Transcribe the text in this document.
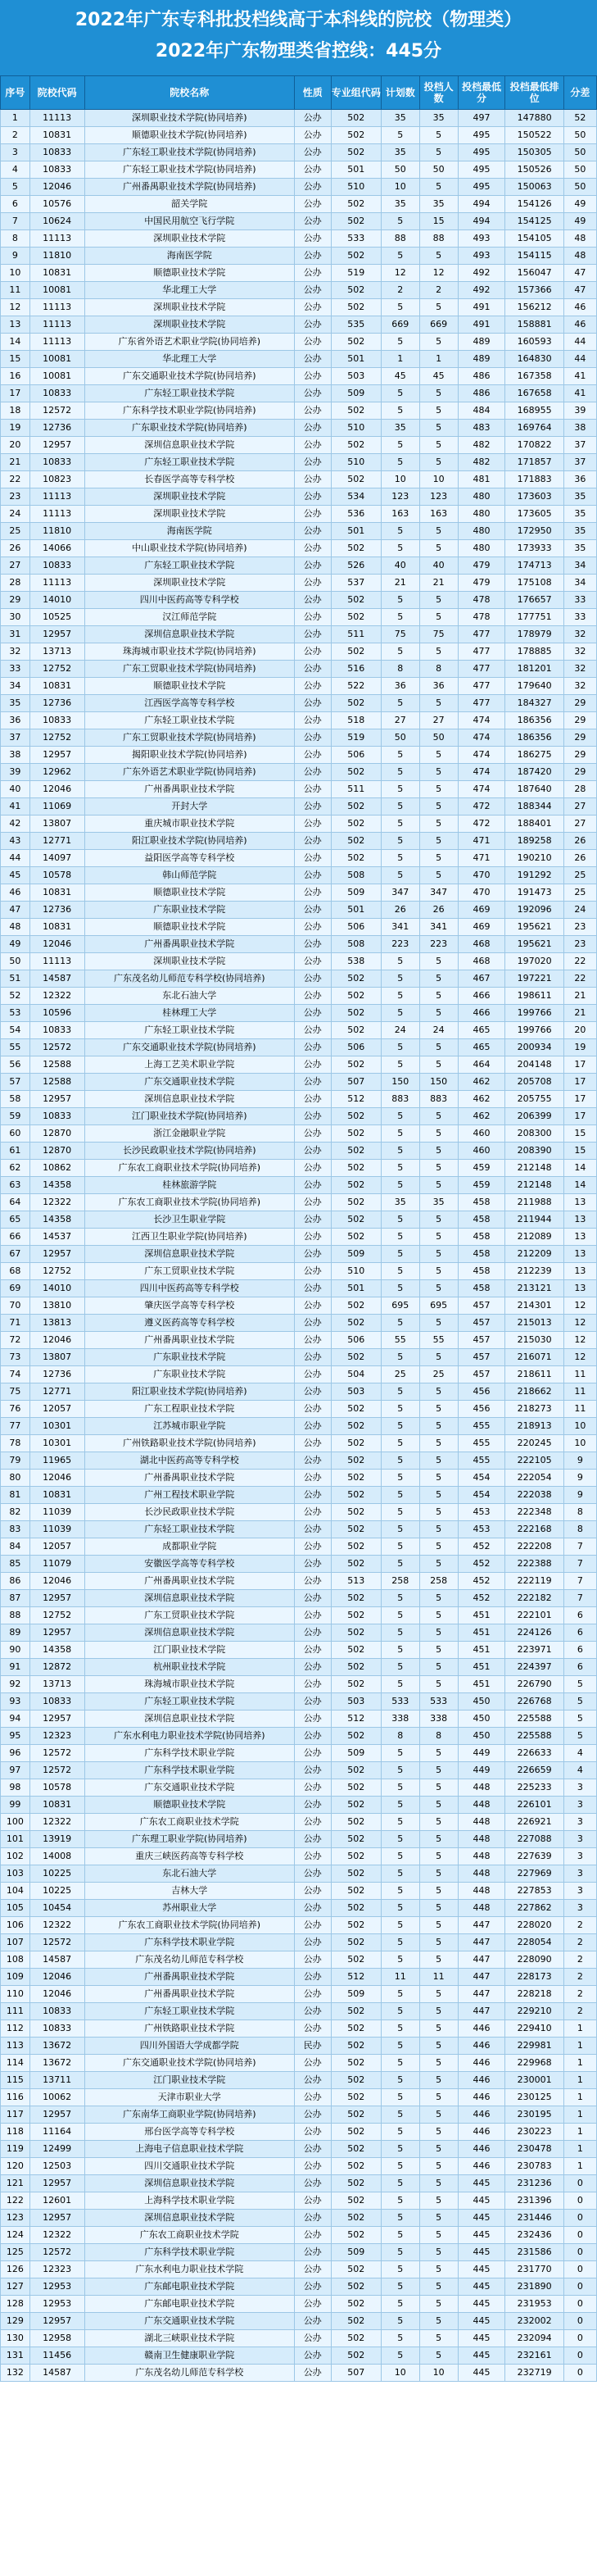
2022年广东专科批投档线高于本科线的院校（物理类）
2022年广东物理类省控线：445分
序号	院校代码	院校名称	性质	专业组代码	计划数	投档人数	投档最低分	投档最低排位	分差
1	11113	深圳职业技术学院(协同培养)	公办	502	35	35	497	147880	52
2	10831	顺德职业技术学院(协同培养)	公办	502	5	5	495	150522	50
3	10833	广东轻工职业技术学院(协同培养)	公办	502	35	5	495	150305	50
4	10833	广东轻工职业技术学院(协同培养)	公办	501	50	50	495	150526	50
5	12046	广州番禺职业技术学院(协同培养)	公办	510	10	5	495	150063	50
6	10576	韶关学院	公办	502	35	35	494	154126	49
7	10624	中国民用航空飞行学院	公办	502	5	15	494	154125	49
8	11113	深圳职业技术学院	公办	533	88	88	493	154105	48
9	11810	海南医学院	公办	502	5	5	493	154115	48
10	10831	顺德职业技术学院	公办	519	12	12	492	156047	47
11	10081	华北理工大学	公办	502	2	2	492	157366	47
12	11113	深圳职业技术学院	公办	502	5	5	491	156212	46
13	11113	深圳职业技术学院	公办	535	669	669	491	158881	46
14	11113	广东省外语艺术职业学院(协同培养)	公办	502	5	5	489	160593	44
15	10081	华北理工大学	公办	501	1	1	489	164830	44
16	10081	广东交通职业技术学院(协同培养)	公办	503	45	45	486	167358	41
17	10833	广东轻工职业技术学院	公办	509	5	5	486	167658	41
18	12572	广东科学技术职业学院(协同培养)	公办	502	5	5	484	168955	39
19	12736	广东职业技术学院(协同培养)	公办	510	35	5	483	169764	38
20	12957	深圳信息职业技术学院	公办	502	5	5	482	170822	37
21	10833	广东轻工职业技术学院	公办	510	5	5	482	171857	37
22	10823	长春医学高等专科学校	公办	502	10	10	481	171883	36
23	11113	深圳职业技术学院	公办	534	123	123	480	173603	35
24	11113	深圳职业技术学院	公办	536	163	163	480	173605	35
25	11810	海南医学院	公办	501	5	5	480	172950	35
26	14066	中山职业技术学院(协同培养)	公办	502	5	5	480	173933	35
27	10833	广东轻工职业技术学院	公办	526	40	40	479	174713	34
28	11113	深圳职业技术学院	公办	537	21	21	479	175108	34
29	14010	四川中医药高等专科学校	公办	502	5	5	478	176657	33
30	10525	汉江师范学院	公办	502	5	5	478	177751	33
31	12957	深圳信息职业技术学院	公办	511	75	75	477	178979	32
32	13713	珠海城市职业技术学院(协同培养)	公办	502	5	5	477	178885	32
33	12752	广东工贸职业技术学院(协同培养)	公办	516	8	8	477	181201	32
34	10831	顺德职业技术学院	公办	522	36	36	477	179640	32
35	12736	江西医学高等专科学校	公办	502	5	5	477	184327	29
36	10833	广东轻工职业技术学院	公办	518	27	27	474	186356	29
37	12752	广东工贸职业技术学院(协同培养)	公办	519	50	50	474	186356	29
38	12957	揭阳职业技术学院(协同培养)	公办	506	5	5	474	186275	29
39	12962	广东外语艺术职业学院(协同培养)	公办	502	5	5	474	187420	29
40	12046	广州番禺职业技术学院	公办	511	5	5	474	187640	28
41	11069	开封大学	公办	502	5	5	472	188344	27
42	13807	重庆城市职业技术学院	公办	502	5	5	472	188401	27
43	12771	阳江职业技术学院(协同培养)	公办	502	5	5	471	189258	26
44	14097	益阳医学高等专科学校	公办	502	5	5	471	190210	26
45	10578	韩山师范学院	公办	508	5	5	470	191292	25
46	10831	顺德职业技术学院	公办	509	347	347	470	191473	25
47	12736	广东职业技术学院	公办	501	26	26	469	192096	24
48	10831	顺德职业技术学院	公办	506	341	341	469	195621	23
49	12046	广州番禺职业技术学院	公办	508	223	223	468	195621	23
50	11113	深圳职业技术学院	公办	538	5	5	468	197020	22
51	14587	广东茂名幼儿师范专科学校(协同培养)	公办	502	5	5	467	197221	22
52	12322	东北石油大学	公办	502	5	5	466	198611	21
53	10596	桂林理工大学	公办	502	5	5	466	199766	21
54	10833	广东轻工职业技术学院	公办	502	24	24	465	199766	20
55	12572	广东交通职业技术学院(协同培养)	公办	506	5	5	465	200934	19
56	12588	上海工艺美术职业学院	公办	502	5	5	464	204148	17
57	12588	广东交通职业技术学院	公办	507	150	150	462	205708	17
58	12957	深圳信息职业技术学院	公办	512	883	883	462	205755	17
59	10833	江门职业技术学院(协同培养)	公办	502	5	5	462	206399	17
60	12870	浙江金融职业学院	公办	502	5	5	460	208300	15
61	12870	长沙民政职业技术学院(协同培养)	公办	502	5	5	460	208390	15
62	10862	广东农工商职业技术学院(协同培养)	公办	502	5	5	459	212148	14
63	14358	桂林旅游学院	公办	502	5	5	459	212148	14
64	12322	广东农工商职业技术学院(协同培养)	公办	502	35	35	458	211988	13
65	14358	长沙卫生职业学院	公办	502	5	5	458	211944	13
66	14537	江西卫生职业学院(协同培养)	公办	502	5	5	458	212089	13
67	12957	深圳信息职业技术学院	公办	509	5	5	458	212209	13
68	12752	广东工贸职业技术学院	公办	510	5	5	458	212239	13
69	14010	四川中医药高等专科学校	公办	501	5	5	458	213121	13
70	13810	肇庆医学高等专科学校	公办	502	695	695	457	214301	12
71	13813	遵义医药高等专科学校	公办	502	5	5	457	215013	12
72	12046	广州番禺职业技术学院	公办	506	55	55	457	215030	12
73	13807	广东职业技术学院	公办	502	5	5	457	216071	12
74	12736	广东职业技术学院	公办	504	25	25	457	218611	11
75	12771	阳江职业技术学院(协同培养)	公办	503	5	5	456	218662	11
76	12057	广东工程职业技术学院	公办	502	5	5	456	218273	11
77	10301	江苏城市职业学院	公办	502	5	5	455	218913	10
78	10301	广州铁路职业技术学院(协同培养)	公办	502	5	5	455	220245	10
79	11965	湖北中医药高等专科学校	公办	502	5	5	455	222105	9
80	12046	广州番禺职业技术学院	公办	502	5	5	454	222054	9
81	10831	广州工程技术职业学院	公办	502	5	5	454	222038	9
82	11039	长沙民政职业技术学院	公办	502	5	5	453	222348	8
83	11039	广东轻工职业技术学院	公办	502	5	5	453	222168	8
84	12057	成都职业学院	公办	502	5	5	452	222208	7
85	11079	安徽医学高等专科学校	公办	502	5	5	452	222388	7
86	12046	广州番禺职业技术学院	公办	513	258	258	452	222119	7
87	12957	深圳信息职业技术学院	公办	502	5	5	452	222182	7
88	12752	广东工贸职业技术学院	公办	502	5	5	451	222101	6
89	12957	深圳信息职业技术学院	公办	502	5	5	451	224126	6
90	14358	江门职业技术学院	公办	502	5	5	451	223971	6
91	12872	杭州职业技术学院	公办	502	5	5	451	224397	6
92	13713	珠海城市职业技术学院	公办	502	5	5	451	226790	5
93	10833	广东轻工职业技术学院	公办	503	533	533	450	226768	5
94	12957	深圳信息职业技术学院	公办	512	338	338	450	225588	5
95	12323	广东水利电力职业技术学院(协同培养)	公办	502	8	8	450	225588	5
96	12572	广东科学技术职业学院	公办	509	5	5	449	226633	4
97	12572	广东科学技术职业学院	公办	502	5	5	449	226659	4
98	10578	广东交通职业技术学院	公办	502	5	5	448	225233	3
99	10831	顺德职业技术学院	公办	502	5	5	448	226101	3
100	12322	广东农工商职业技术学院	公办	502	5	5	448	226921	3
101	13919	广东理工职业学院(协同培养)	公办	502	5	5	448	227088	3
102	14008	重庆三峡医药高等专科学校	公办	502	5	5	448	227639	3
103	10225	东北石油大学	公办	502	5	5	448	227969	3
104	10225	吉林大学	公办	502	5	5	448	227853	3
105	10454	苏州职业大学	公办	502	5	5	448	227862	3
106	12322	广东农工商职业技术学院(协同培养)	公办	502	5	5	447	228020	2
107	12572	广东科学技术职业学院	公办	502	5	5	447	228054	2
108	14587	广东茂名幼儿师范专科学校	公办	502	5	5	447	228090	2
109	12046	广州番禺职业技术学院	公办	512	11	11	447	228173	2
110	12046	广州番禺职业技术学院	公办	509	5	5	447	228218	2
111	10833	广东轻工职业技术学院	公办	502	5	5	447	229210	2
112	10833	广州铁路职业技术学院	公办	502	5	5	446	229410	1
113	13672	四川外国语大学成都学院	民办	502	5	5	446	229981	1
114	13672	广东交通职业技术学院(协同培养)	公办	502	5	5	446	229968	1
115	13711	江门职业技术学院	公办	502	5	5	446	230001	1
116	10062	天津市职业大学	公办	502	5	5	446	230125	1
117	12957	广东南华工商职业学院(协同培养)	公办	502	5	5	446	230195	1
118	11164	邢台医学高等专科学校	公办	502	5	5	446	230223	1
119	12499	上海电子信息职业技术学院	公办	502	5	5	446	230478	1
120	12503	四川交通职业技术学院	公办	502	5	5	446	230783	1
121	12957	深圳信息职业技术学院	公办	502	5	5	445	231236	0
122	12601	上海科学技术职业学院	公办	502	5	5	445	231396	0
123	12957	深圳信息职业技术学院	公办	502	5	5	445	231446	0
124	12322	广东农工商职业技术学院	公办	502	5	5	445	232436	0
125	12572	广东科学技术职业学院	公办	509	5	5	445	231586	0
126	12323	广东水利电力职业技术学院	公办	502	5	5	445	231770	0
127	12953	广东邮电职业技术学院	公办	502	5	5	445	231890	0
128	12953	广东邮电职业技术学院	公办	502	5	5	445	231953	0
129	12957	广东交通职业技术学院	公办	502	5	5	445	232002	0
130	12958	湖北三峡职业技术学院	公办	502	5	5	445	232094	0
131	11456	赣南卫生健康职业学院	公办	502	5	5	445	232161	0
132	14587	广东茂名幼儿师范专科学校	公办	507	10	10	445	232719	0
